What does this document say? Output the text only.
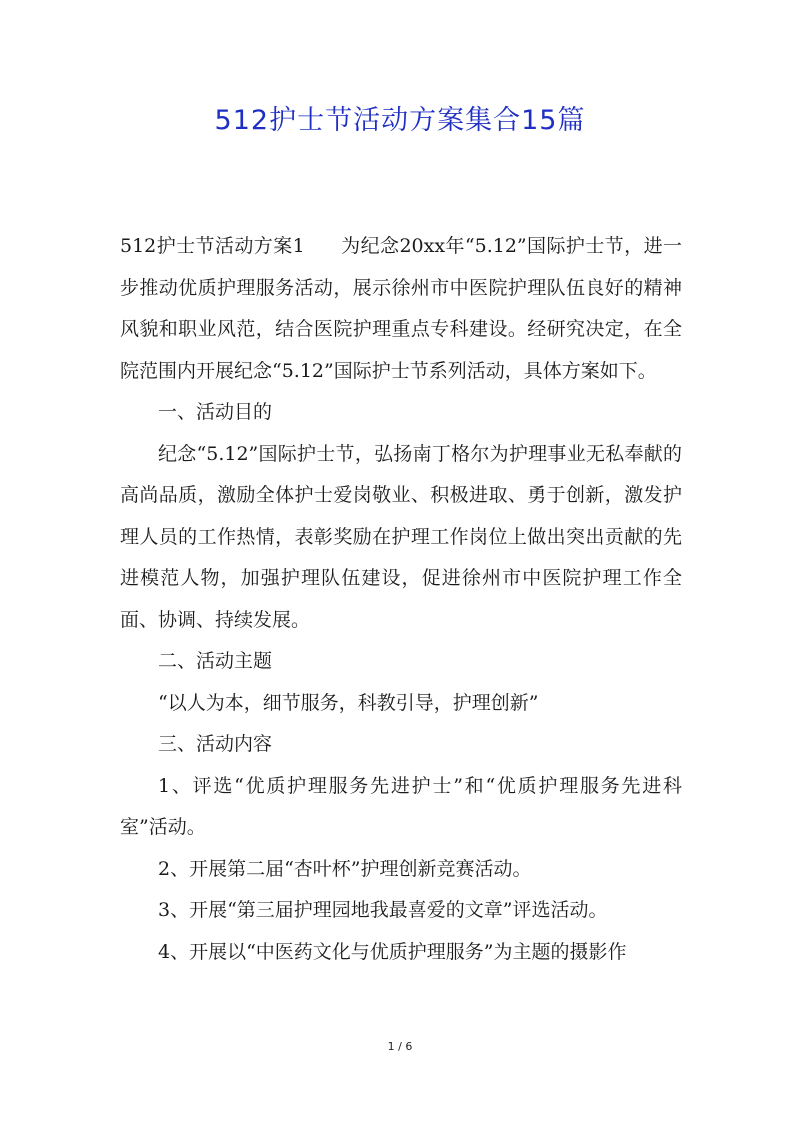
512护士节活动方案集合15篇

512护士节活动方案1 为纪念20xx年“5.12”国际护士节，进一步推动优质护理服务活动，展示徐州市中医院护理队伍良好的精神风貌和职业风范，结合医院护理重点专科建设。经研究决定，在全院范围内开展纪念“5.12”国际护士节系列活动，具体方案如下。

一、活动目的

纪念“5.12”国际护士节，弘扬南丁格尔为护理事业无私奉献的高尚品质，激励全体护士爱岗敬业、积极进取、勇于创新，激发护理人员的工作热情，表彰奖励在护理工作岗位上做出突出贡献的先进模范人物，加强护理队伍建设，促进徐州市中医院护理工作全面、协调、持续发展。

二、活动主题

“以人为本，细节服务，科教引导，护理创新”

三、活动内容

1、评选“优质护理服务先进护士”和“优质护理服务先进科室”活动。

2、开展第二届“杏叶杯”护理创新竞赛活动。

3、开展“第三届护理园地我最喜爱的文章”评选活动。

4、开展以“中医药文化与优质护理服务”为主题的摄影作

1 / 6
